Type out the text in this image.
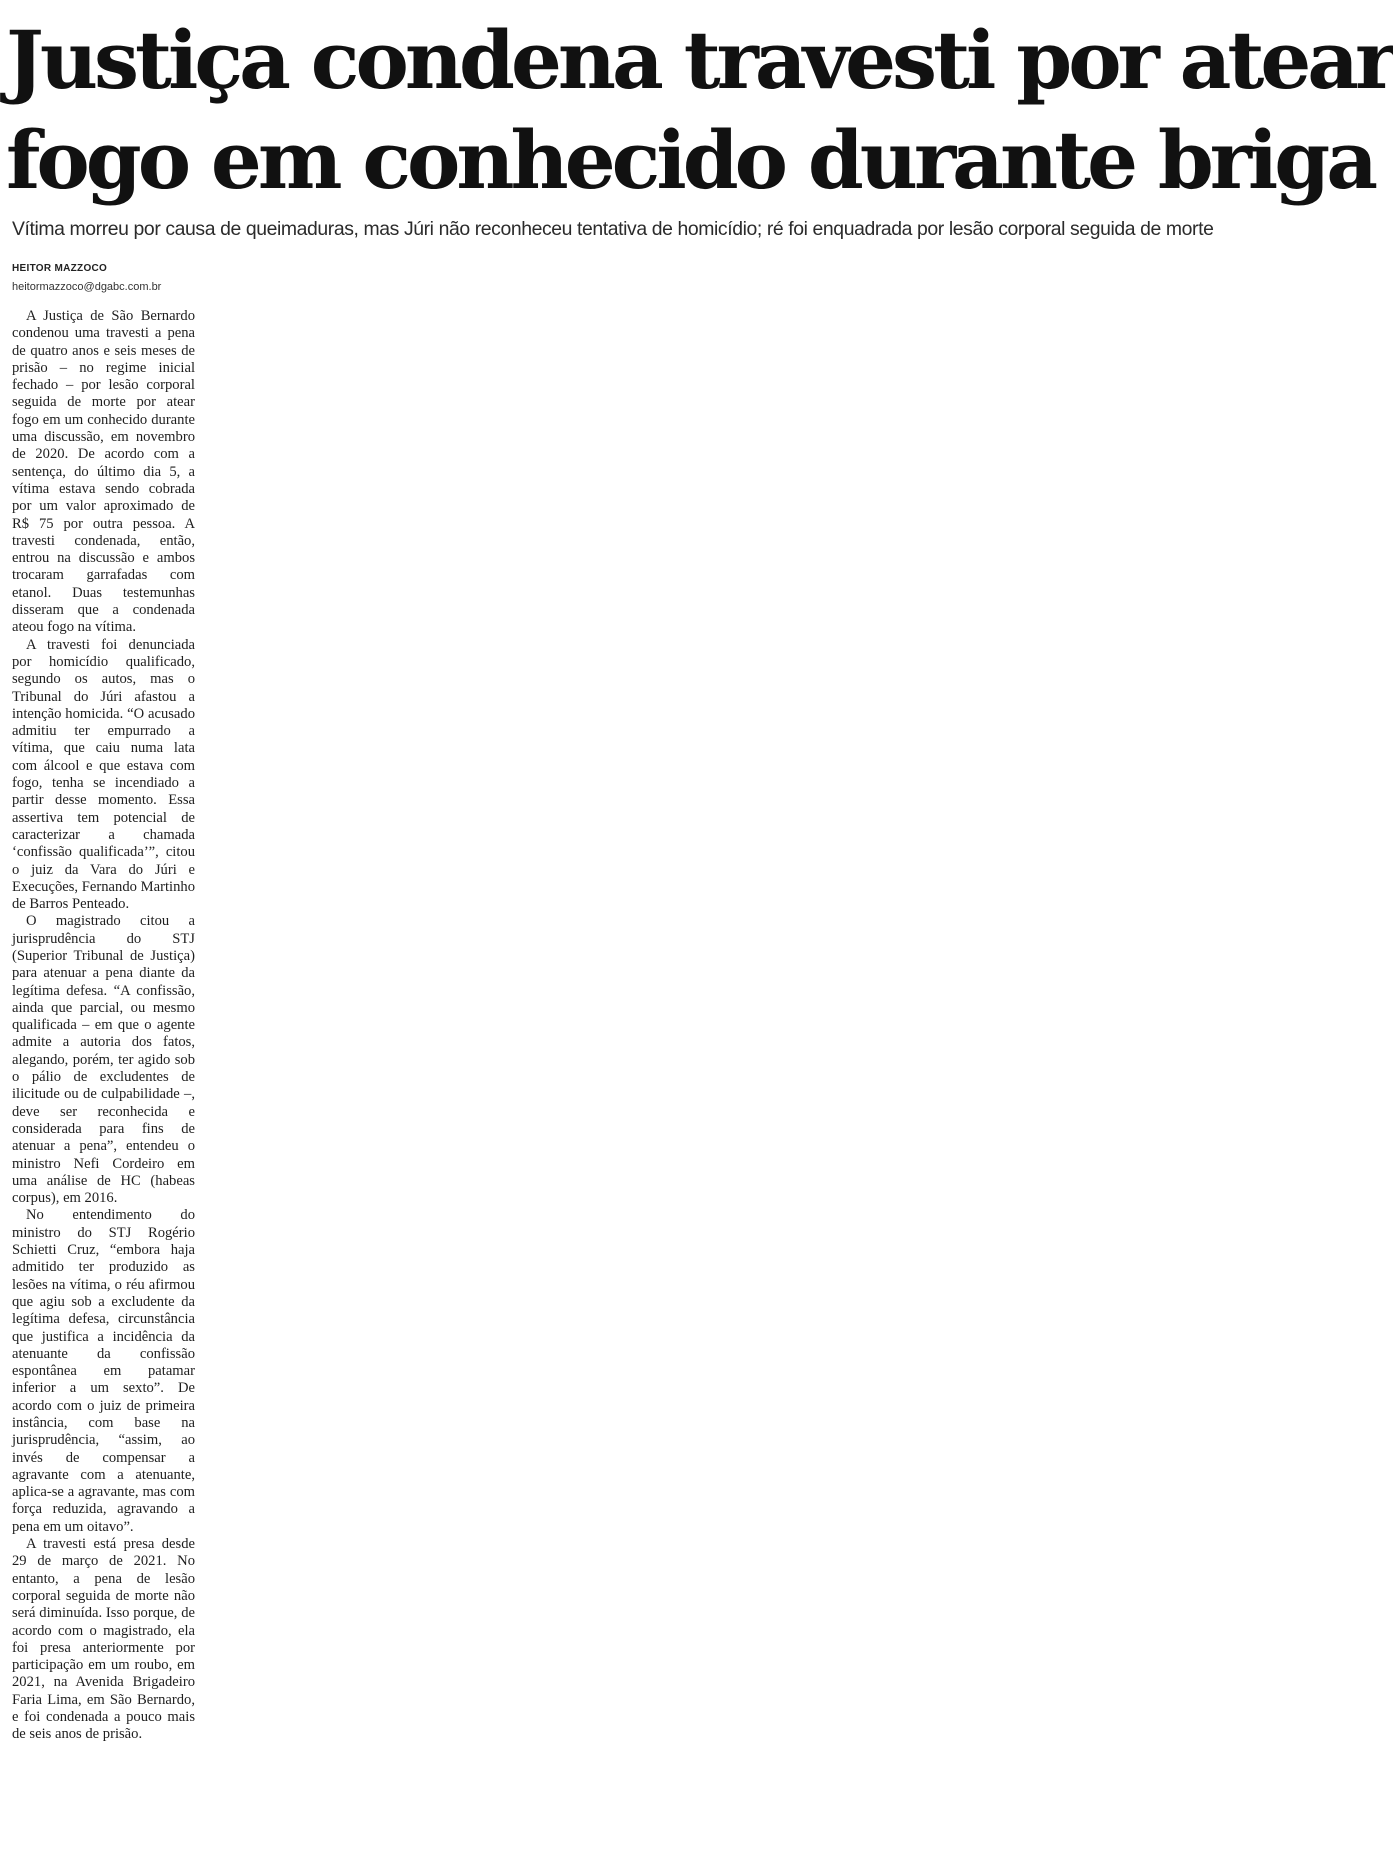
Justiça condena travesti por atear
fogo em conhecido durante briga

Vítima morreu por causa de queimaduras, mas Júri não reconheceu tentativa de homicídio; ré foi enquadrada por lesão corporal seguida de morte

HEITOR MAZZOCO
heitormazzoco@dgabc.com.br

A Justiça de São Bernardo condenou uma travesti a pena de quatro anos e seis meses de prisão – no regime inicial fechado – por lesão corporal seguida de morte por atear fogo em um conhecido durante uma discussão, em novembro de 2020. De acordo com a sentença, do último dia 5, a vítima estava sendo cobrada por um valor aproximado de R$ 75 por outra pessoa. A travesti condenada, então, entrou na discussão e ambos trocaram garrafadas com etanol. Duas testemunhas disseram que a condenada ateou fogo na vítima.

A travesti foi denunciada por homicídio qualificado, segundo os autos, mas o Tribunal do Júri afastou a intenção homicida. “O acusado admitiu ter empurrado a vítima, que caiu numa lata com álcool e que estava com fogo, tenha se incendiado a partir desse momento. Essa assertiva tem potencial de caracterizar a chamada ‘confissão qualificada’”, citou o juiz da Vara do Júri e Execuções, Fernando Martinho de Barros Penteado.

O magistrado citou a jurisprudência do STJ (Superior Tribunal de Justiça) para atenuar a pena diante da legítima defesa. “A confissão, ainda que parcial, ou mesmo qualificada – em que o agente admite a autoria dos fatos, alegando, porém, ter agido sob o pálio de excludentes de ilicitude ou de culpabilidade –, deve ser reconhecida e considerada para fins de atenuar a pena”, entendeu o ministro Nefi Cordeiro em uma análise de HC (habeas corpus), em 2016.

No entendimento do ministro do STJ Rogério Schietti Cruz, “embora haja admitido ter produzido as lesões na vítima, o réu afirmou que agiu sob a excludente da legítima defesa, circunstância que justifica a incidência da atenuante da confissão espontânea em patamar inferior a um sexto”. De acordo com o juiz de primeira instância, com base na jurisprudência, “assim, ao invés de compensar a agravante com a atenuante, aplica-se a agravante, mas com força reduzida, agravando a pena em um oitavo”.

A travesti está presa desde 29 de março de 2021. No entanto, a pena de lesão corporal seguida de morte não será diminuída. Isso porque, de acordo com o magistrado, ela foi presa anteriormente por participação em um roubo, em 2021, na Avenida Brigadeiro Faria Lima, em São Bernardo, e foi condenada a pouco mais de seis anos de prisão.
